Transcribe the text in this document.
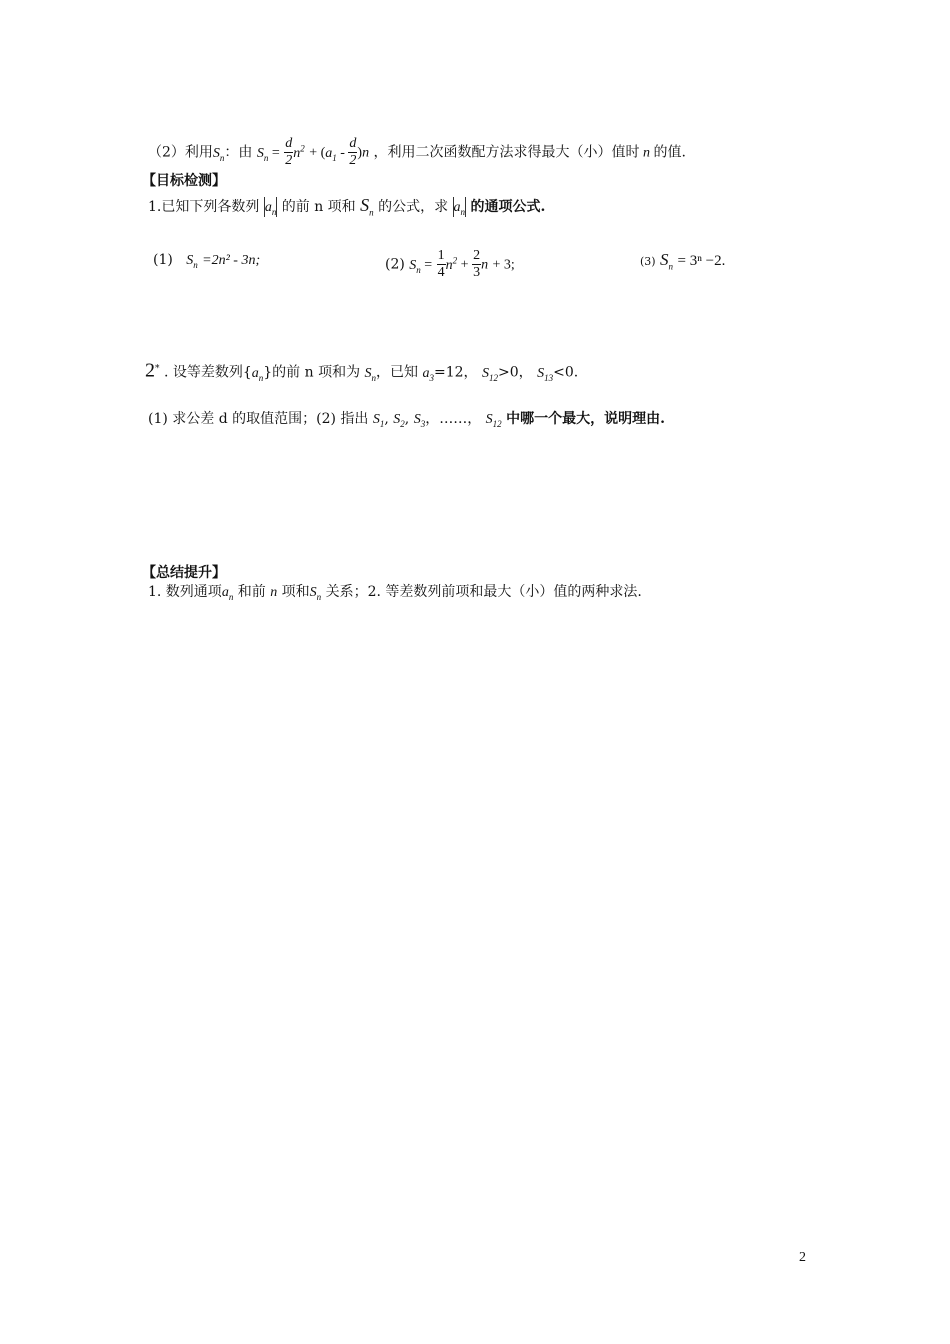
（2）利用$S_n$：由 $S_n = \frac{d}{2} n^2 + (a_1 - \frac{d}{2} )n$ ，利用二次函数配方法求得最大（小）值时 n 的值.
【目标检测】
1.已知下列各数列 $a_n$ 的前 n 项和 $S_n$ 的公式，求 $a_n$ 的通项公式.
(1) $S_n =2n^2 - 3n$;	(2) $S_n = \frac{1}{4} n^2 + \frac{2}{3}$ n + 3;	(3) $S_n = 3^n -2$.
2* . 设等差数列$\{a_n\}$的前 n 项和为 $S_n$，已知 $a_3=12$， $S_{12}>0$， $S_{13}<0$.
(1) 求公差 d 的取值范围；(2) 指出 $S_1$, $S_2$, $S_3$，……， $S_{12}$ 中哪一个最大，说明理由.
【总结提升】
1. 数列通项$a_n$ 和前 n 项和$S_n$ 关系；2. 等差数列前项和最大（小）值的两种求法.
2
